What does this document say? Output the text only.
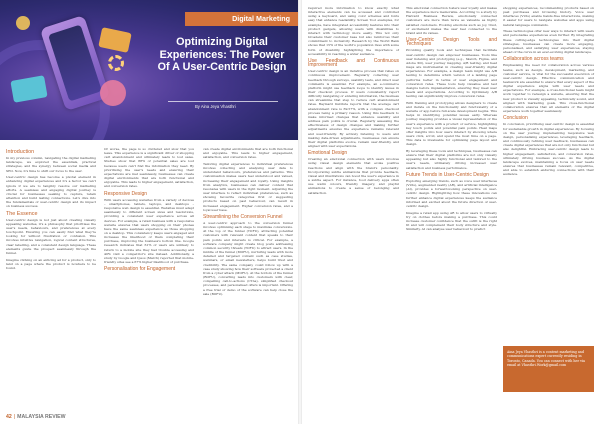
Digital Marketing
Optimizing Digital
Experiences: The Power
Of A User-Centric Design
By Aina Jeya Vhasthri
Introduction

In my previous column, navigating the digital marketing landscape, we explored the essentials, practical strategies, and the synergy between social media and SEO. Now, it's time to shift our focus to the user.

User-centric design has become a pivotal element in enhancing digital experiences and it's a factor we can't ignore if we are to tangibly resolve our marketing efforts. A seamless and engaging digital journey is crucial for businesses seeking to capture, retain attention and build lasting connections. Let's dive into the fundamentals of user-centric design and its impact on business success.

The Essence

User-centric design is not just about creating visually appealing websites, it's a philosophy that prioritises the user's needs, behaviours, and preferences at every touchpoint. Ensuring you can easily find what they're looking for without frustration or confusion. This involves intuitive navigation, logical content structures, clear labelling, and a consistent design language. These elements guide the prospect seamlessly through the funnel.

Imagine clicking on an enticing ad for a product, only to land on a page where the product is nowhere to be found.

Or worse, the page is so cluttered and slow that you leave. This experience is a significant driver of shopping cart abandonment and ultimately leads to lost sales. Studies show that 88% of potential sales are lost because users can't find the information they need. By prioritising the user's needs and ensuring their expectations are met seamlessly, businesses can create digital environments that are both functional and enjoyable. This leads to higher engagement, satisfaction, and conversion rates.

Responsive Design

With users accessing websites from a variety of devices – smartphones, tablets, laptops, and desktops – responsive web design is essential. Websites must adapt seamlessly to different screen sizes and resolutions, providing a consistent user experience across all devices. For example, a retail business with a responsive website ensures that users shopping on their phones have the same seamless experience as those shopping on a desktop. This consistency keeps users engaged and increases the likelihood of them completing their purchase, improving the business's bottom line. Google research indicates that 61% of users are unlikely to return to a mobile site they had trouble accessing and 40% visit a competitor's site instead. Additionally, a study by Google and Ipsos (March) reported that mobile-friendly sites see a 67% higher likelihood of purchase.

Personalisation for Engagement

can create digital environments that are both functional and enjoyable. This leads to higher engagement, satisfaction, and conversion rates.

Tailoring digital experiences to individual preferences involves collecting and analysing user data to understand behaviours, preferences and patterns. This customisation makes users feel understood and valued, increasing their engagement and loyalty. Using insights from analytics, businesses can deliver content that resonates with users in the right moment. Adjusting the user interface to reflect individual preferences, such as showing favourite categories first or suggesting products based on past behaviour, can result in increased engagement. Higher conversion rates, and a loyal user base.

Streamlining the Conversion Funnel

A user-centric approach to the conversion funnel involves optimising each stage to maximise conversions. At the top of the funnel (TOFU), attracting potential customers with relevant content that speaks to their pain points and interests is critical. For example, a software company might create blog posts addressing common security threats (TOFU) to attract users. In the middle of the funnel (MOFU), nurturing leads with more detailed and targeted content such as case studies, webinars, or email newsletters, helps build trust and credibility. The same company could follow up with a case study showing how their software protected a client from a cyber attack (MOFU). At the bottom of the funnel (BOFU), converting leads into customers with clear, compelling call-to-actions (CTAs), simplified checkout processes, and personalised offers is important. Offering a free trial or demo of the software can help close the sale (BOFU).

42 | MALAYSIA REVIEW

required more information to know exactly what interactive elements can be accessed and controlled using a keyboard, and using color schemes and fonts easy that enhance readability. Screen Tool examples, for example, have integrated accessibility features into their product gadgets, allowing users with disabilities to interact with technology more easily. This not only broadens their customer base but also reinforces their commitment to inclusivity. Research by the World Bank shows that 15% of the world's population lives with some form of disability, highlighting the importance of accessibility in reaching a wider audience.

Use Feedback and Continuous Improvement

User-centric design is an iterative process that relies on continuous improvement. Regularly collecting user feedback through surveys, usability tests, and direct user comments is essential. For example, an e-commerce platform might use feedback loops to identify issues in their checkout process. If users consistently report difficulty navigating or entering information, the business can streamline that step to reduce cart abandonment rates. Baymard Institute reports that the average cart abandonment rate is 69.57%, with a complex checkout process being a primary reason. Using this feedback to make informed changes that enhance usability and address pain points is crucial. Regularly assessing the effectiveness of design changes and making further adjustments ensures the experience remains relevant and user-friendly. By actively listening to users and making data-driven adjustments, businesses can ensure their digital platforms evolve, remain user-friendly, and aligned with user expectations.

Emotional Design

Creating an emotional connection with users involves using visual design elements that evoke positive reactions and align with the brand's personality. Incorporating subtle animations that provide feedback, visual and illustrations can boost the user's experience in a subtle aspect. For instance, food delivery apps often use warm colours, friendly imagery, and playful animations to create a sense of belonging and satisfaction.

This emotional connection fosters user loyalty and makes the experience more memorable. According to a study by Harvard Business Review, emotionally connected customers are more than twice as valuable as highly satisfied customers. Evoking emotions such as joy, trust, or excitement makes the user feel connected to the brand and its values.

User-Centric Design Tools and Techniques

Providing quality tools and techniques that facilitate user-centric design can empower businesses. Tools like user listening and prototyping (e.g., Sketch, Figma, and Adobe XD), user journey mapping, A/B testing, and heat maps are instrumental in creating user-friendly digital experiences. For example, a design team might use A/B testing to determine which version of a landing page performs better in terms of user engagement and conversion rates. These tools help visualise and test designs before implementation, ensuring they meet user needs and expectations. According to Optimizely, A/B testing can significantly improve conversion rates.

With framing and prototyping allows designers to create and iterate on the functionality and functionality of a website or app before full-scale development begins. This helps in identifying potential issues early. Whereas journey mapping provides a visual representation of the user's experience with a product or service, highlighting key touch points and potential pain points. Heat maps offer insights into how users interact by showing where users click, scroll, and spend the most time on a page. This data is invaluable for optimising page layout and design.

By leveraging these tools and techniques, businesses can ensure that their digital platforms are not only visually appealing but also highly functional and tailored to the user's needs, ultimately driving increased user satisfaction and business performance.

Future Trends in User-Centric Design

Exploring emerging trends, such as voice user interfaces (VUIs), augmented reality (AR), and artificial intelligence (AI), provides a forward-looking perspective on user-centric design. Highlighting how these innovations can further enhance digital experiences keeps the audience informed and excited about the future direction of user-centric design.

Imagine a retail app using AR to allow users to virtually try on clothes before making a purchase. This could increase customer confidence that the outfit is the right fit and will complement their body structure and style. Similarly, AI can analyse user behaviour to predict

shopping experiences, recommending products based on past purchases and browsing history. Voice user interfaces (VUIs) enable hands-free interactions, making it easier for users to navigate websites and apps using natural language commands.

These technologies offer new ways to interact with users and personalise experiences even further. By integrating these cutting-edge technologies into their digital strategies, businesses can create more engaging, personalised, and satisfying user experiences, staying ahead of the curve in an ever-evolving digital landscape.

Collaboration across teams

Emphasising the need for collaboration across various teams, such as design, development, marketing, and customer service, is vital for the successful execution of user-centric design. Effective communication and teamwork are essential to ensure that every aspect of the digital experience aligns with user needs and expectations. For example, a cross-functional team might work together to redesign a website, ensuring that the new product is visually appealing, technically sound, and aligned with marketing goals. This cross-functional collaboration ensures that all elements of the digital experience work together seamlessly.

Conclusion

In conclusion, prioritising user-centric design is essential for sustainable growth in digital experiences. By focusing on the user journey, implementing responsive web design, personalising experiences, leveraging feedback, and continuously refining user feedback, businesses can create digital experiences that are not only functional but also delightful. Embracing user-centric design leads to higher engagement, satisfaction, and conversion rates, ultimately driving business success. As the digital landscape evolves, maintaining a focus on user needs ensures that businesses remain relevant, competitive, and able to establish enduring connections with their audience.

Aina Jeya Vhasthri is a content marketing and communications expert currently residing in Toronto, Canada. You can connect with her via email at Vhasthri.Work@gmail.com
